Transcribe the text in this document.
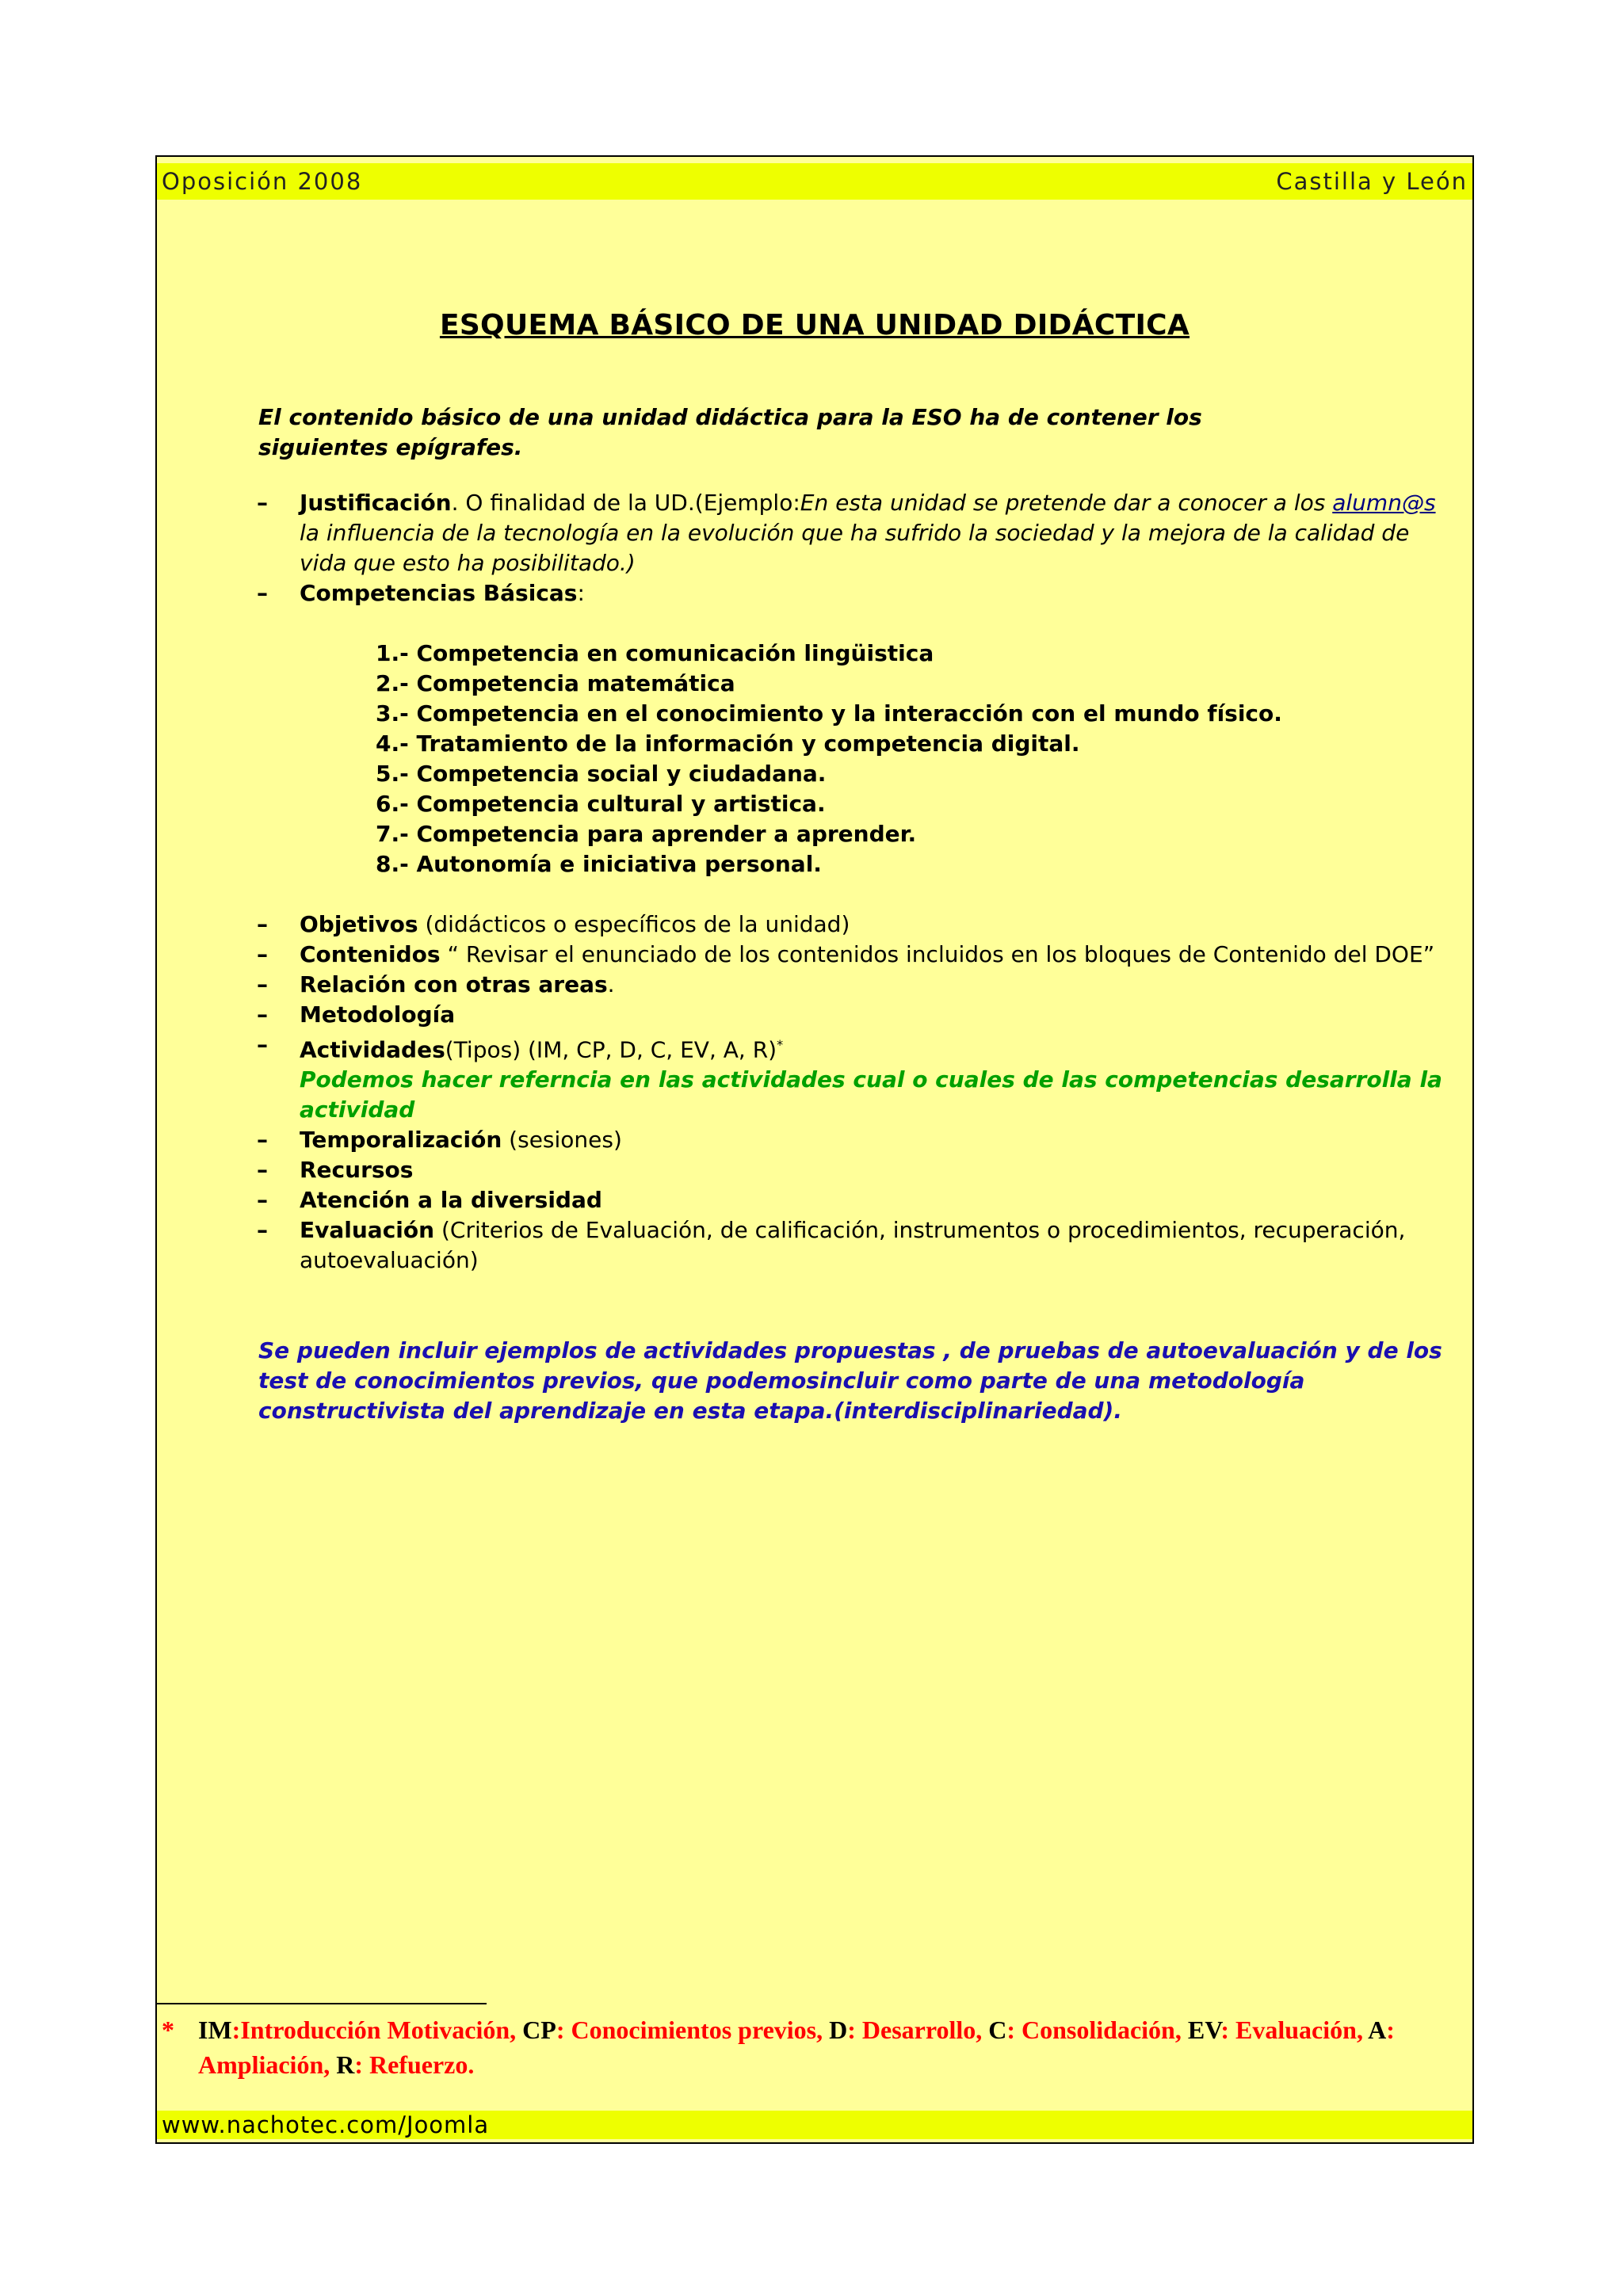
Oposición 2008	Castilla y León
ESQUEMA BÁSICO DE UNA UNIDAD DIDÁCTICA
El contenido básico de una unidad didáctica para la ESO ha de contener los siguientes epígrafes.
– Justificación. O finalidad de la UD.(Ejemplo:En esta unidad se pretende dar a conocer a los alumn@s la influencia de la tecnología en la evolución que ha sufrido la sociedad y la mejora de la calidad de vida que esto ha posibilitado.)
– Competencias Básicas:
1.- Competencia en comunicación lingüistica
2.- Competencia matemática
3.- Competencia en el conocimiento y la interacción con el mundo físico.
4.- Tratamiento de la información y competencia digital.
5.- Competencia social y ciudadana.
6.- Competencia cultural y artistica.
7.- Competencia para aprender a aprender.
8.- Autonomía e iniciativa personal.
– Objetivos (didácticos o específicos de la unidad)
– Contenidos “ Revisar el enunciado de los contenidos incluidos en los bloques de Contenido del DOE”
– Relación con otras areas.
– Metodología
– Actividades(Tipos) (IM, CP, D, C, EV, A, R)*
Podemos hacer referncia en las actividades cual o cuales de las competencias desarrolla la actividad
– Temporalización (sesiones)
– Recursos
– Atención a la diversidad
– Evaluación (Criterios de Evaluación, de calificación, instrumentos o procedimientos, recuperación, autoevaluación)
Se pueden incluir ejemplos de actividades propuestas , de pruebas de autoevaluación y de los test de conocimientos previos, que podemosincluir como parte de una metodología constructivista del aprendizaje en esta etapa.(interdisciplinariedad).
* IM:Introducción Motivación, CP: Conocimientos previos, D: Desarrollo, C: Consolidación, EV: Evaluación, A: Ampliación, R: Refuerzo.
www.nachotec.com/Joomla
